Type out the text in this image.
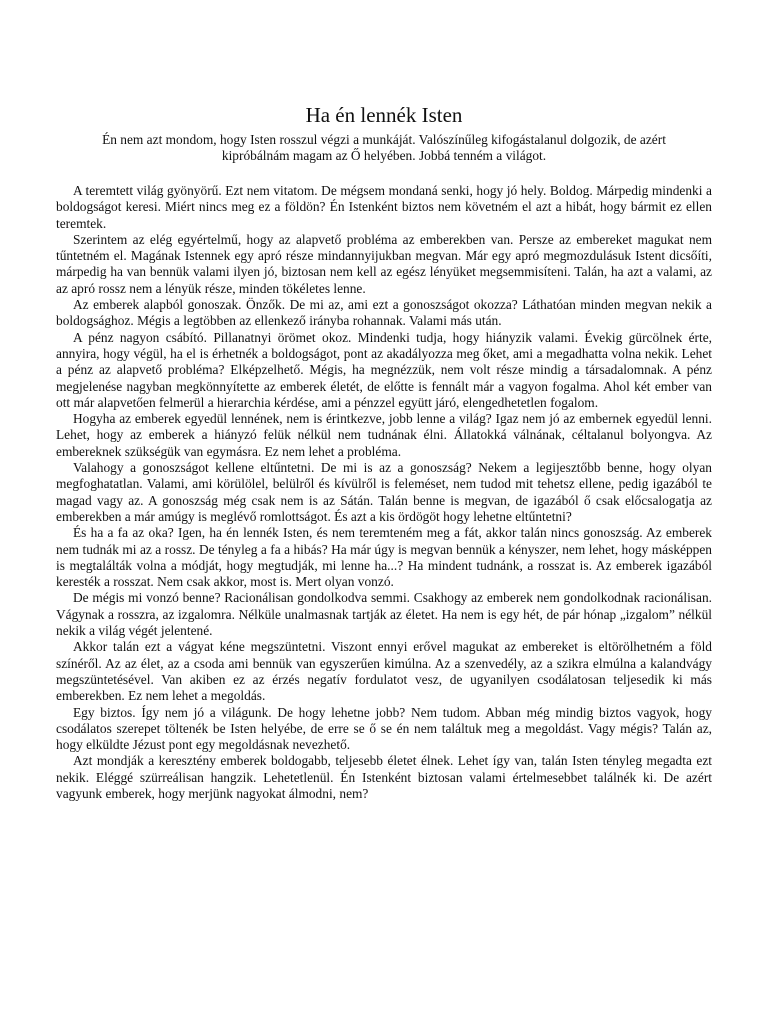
Ha én lennék Isten
Én nem azt mondom, hogy Isten rosszul végzi a munkáját. Valószínűleg kifogástalanul dolgozik, de azért kipróbálnám magam az Ő helyében. Jobbá tenném a világot.

A teremtett világ gyönyörű. Ezt nem vitatom. De mégsem mondaná senki, hogy jó hely. Boldog. Márpedig mindenki a boldogságot keresi. Miért nincs meg ez a földön? Én Istenként biztos nem követném el azt a hibát, hogy bármit ez ellen teremtek.

Szerintem az elég egyértelmű, hogy az alapvető probléma az emberekben van. Persze az embereket magukat nem tűntetném el. Magának Istennek egy apró része mindannyijukban megvan. Már egy apró megmozdulásuk Istent dicsőíti, márpedig ha van bennük valami ilyen jó, biztosan nem kell az egész lényüket megsemmisíteni. Talán, ha azt a valami, az az apró rossz nem a lényük része, minden tökéletes lenne.

Az emberek alapból gonoszak. Önzők. De mi az, ami ezt a gonoszságot okozza? Láthatóan minden megvan nekik a boldogsághoz. Mégis a legtöbben az ellenkező irányba rohannak. Valami más után.

A pénz nagyon csábító. Pillanatnyi örömet okoz. Mindenki tudja, hogy hiányzik valami. Évekig gürcölnek érte, annyira, hogy végül, ha el is érhetnék a boldogságot, pont az akadályozza meg őket, ami a megadhatta volna nekik. Lehet a pénz az alapvető probléma? Elképzelhető. Mégis, ha megnézzük, nem volt része mindig a társadalomnak. A pénz megjelenése nagyban megkönnyítette az emberek életét, de előtte is fennált már a vagyon fogalma. Ahol két ember van ott már alapvetően felmerül a hierarchia kérdése, ami a pénzzel együtt járó, elengedhetetlen fogalom.

Hogyha az emberek egyedül lennének, nem is érintkezve, jobb lenne a világ? Igaz nem jó az embernek egyedül lenni. Lehet, hogy az emberek a hiányzó felük nélkül nem tudnának élni. Állatokká válnának, céltalanul bolyongva. Az embereknek szükségük van egymásra. Ez nem lehet a probléma.

Valahogy a gonoszságot kellene eltűntetni. De mi is az a gonoszság? Nekem a legijesztőbb benne, hogy olyan megfoghatatlan. Valami, ami körülölel, belülről és kívülről is feleméset, nem tudod mit tehetsz ellene, pedig igazából te magad vagy az. A gonoszság még csak nem is az Sátán. Talán benne is megvan, de igazából ő csak előcsalogatja az emberekben a már amúgy is meglévő romlottságot. És azt a kis ördögöt hogy lehetne eltűntetni?

És ha a fa az oka? Igen, ha én lennék Isten, és nem teremteném meg a fát, akkor talán nincs gonoszság. Az emberek nem tudnák mi az a rossz. De tényleg a fa a hibás? Ha már úgy is megvan bennük a kényszer, nem lehet, hogy másképpen is megtalálták volna a módját, hogy megtudják, mi lenne ha...? Ha mindent tudnánk, a rosszat is. Az emberek igazából keresték a rosszat. Nem csak akkor, most is. Mert olyan vonzó.

De mégis mi vonzó benne? Racionálisan gondolkodva semmi. Csakhogy az emberek nem gondolkodnak racionálisan. Vágynak a rosszra, az izgalomra. Nélküle unalmasnak tartják az életet. Ha nem is egy hét, de pár hónap „izgalom” nélkül nekik a világ végét jelentené.

Akkor talán ezt a vágyat kéne megszüntetni. Viszont ennyi erővel magukat az embereket is eltörölhetném a föld színéről. Az az élet, az a csoda ami bennük van egyszerűen kimúlna. Az a szenvedély, az a szikra elmúlna a kalandvágy megszüntetésével. Van akiben ez az érzés negatív fordulatot vesz, de ugyanilyen csodálatosan teljesedik ki más emberekben. Ez nem lehet a megoldás.

Egy biztos. Így nem jó a világunk. De hogy lehetne jobb? Nem tudom. Abban még mindig biztos vagyok, hogy csodálatos szerepet töltenék be Isten helyébe, de erre se ő se én nem találtuk meg a megoldást. Vagy mégis? Talán az, hogy elküldte Jézust pont egy megoldásnak nevezhető.

Azt mondják a keresztény emberek boldogabb, teljesebb életet élnek. Lehet így van, talán Isten tényleg megadta ezt nekik. Eléggé szürreálisan hangzik. Lehetetlenül. Én Istenként biztosan valami értelmesebbet találnék ki. De azért vagyunk emberek, hogy merjünk nagyokat álmodni, nem?
